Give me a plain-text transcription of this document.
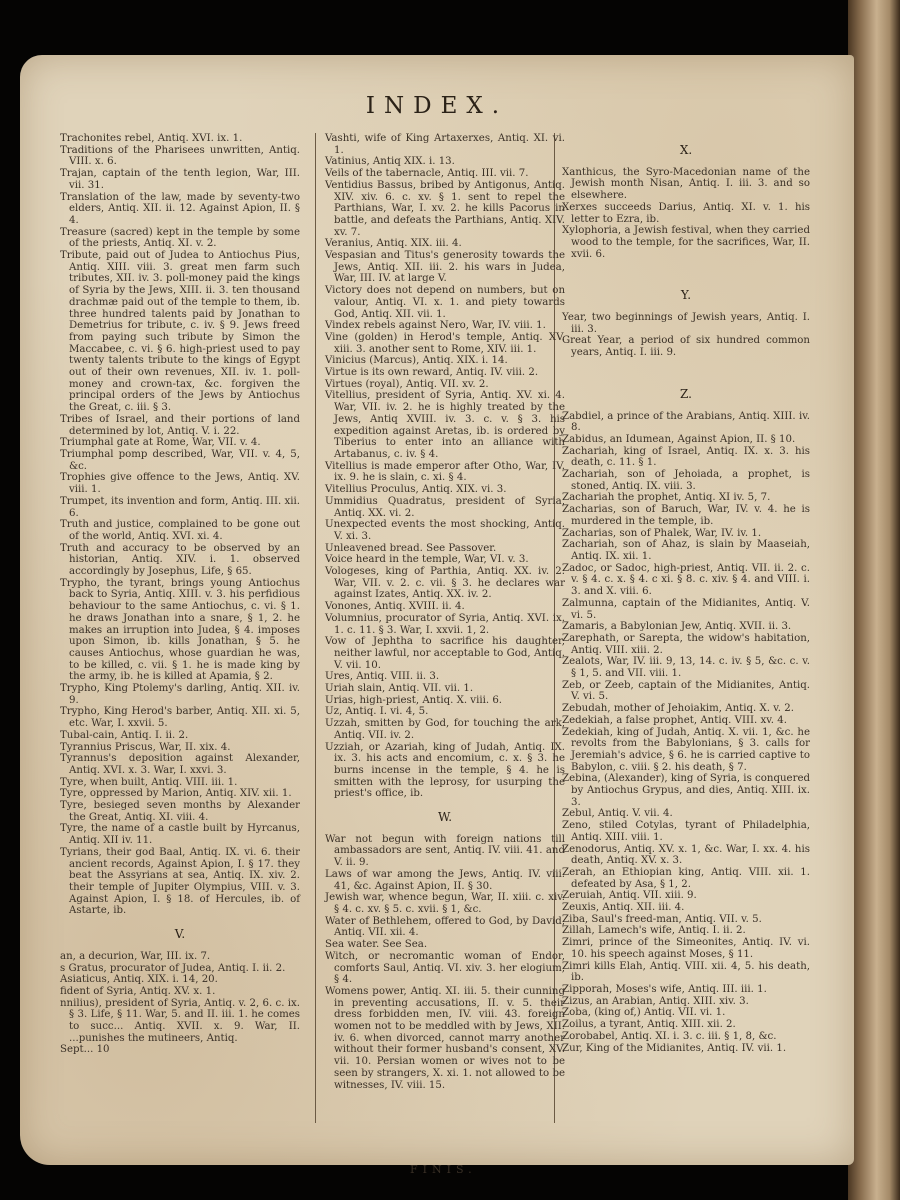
INDEX.
Trachonites rebel, Antiq. XVI. ix. 1.
Traditions of the Pharisees unwritten, Antiq. VIII. x. 6.
Trajan, captain of the tenth legion, War, III. vii. 31.
Translation of the law, made by seventy-two elders, Antiq. XII. ii. 12. Against Apion, II. § 4.
Treasure (sacred) kept in the temple by some of the priests, Antiq. XI. v. 2.
Tribute, paid out of Judea to Antiochus Pius, Antiq. XIII. viii. 3. great men farm such tributes, XII. iv. 3. poll-money paid the kings of Syria by the Jews, XIII. ii. 3. ten thousand drachmæ paid out of the temple to them, ib. three hundred talents paid by Jonathan to Demetrius for tribute, c. iv. § 9. Jews freed from paying such tribute by Simon the Maccabee, c. vi. § 6. high-priest used to pay twenty talents tribute to the kings of Egypt out of their own revenues, XII. iv. 1. poll-money and crown-tax, &c. forgiven the principal orders of the Jews by Antiochus the Great, c. iii. § 3.
Tribes of Israel, and their portions of land determined by lot, Antiq. V. i. 22.
Triumphal gate at Rome, War, VII. v. 4.
Triumphal pomp described, War, VII. v. 4, 5, &c.
Trophies give offence to the Jews, Antiq. XV. viii. 1.
Trumpet, its invention and form, Antiq. III. xii. 6.
Truth and justice, complained to be gone out of the world, Antiq. XVI. xi. 4.
Truth and accuracy to be observed by an historian, Antiq. XIV. i. 1. observed accordingly by Josephus, Life, § 65.
Trypho, the tyrant, brings young Antiochus back to Syria, Antiq. XIII. v. 3. his perfidious behaviour to the same Antiochus, c. vi. § 1. he draws Jonathan into a snare, § 1, 2. he makes an irruption into Judea, § 4. imposes upon Simon, ib. kills Jonathan, § 5. he causes Antiochus, whose guardian he was, to be killed, c. vii. § 1. he is made king by the army, ib. he is killed at Apamia, § 2.
Trypho, King Ptolemy's darling, Antiq. XII. iv. 9.
Trypho, King Herod's barber, Antiq. XII. xi. 5, etc. War, I. xxvii. 5.
Tubal-cain, Antiq. I. ii. 2.
Tyrannius Priscus, War, II. xix. 4.
Tyrannus's deposition against Alexander, Antiq. XVI. x. 3. War, I. xxvi. 3.
Tyre, when built, Antiq. VIII. iii. 1.
Tyre, oppressed by Marion, Antiq. XIV. xii. 1.
Tyre, besieged seven months by Alexander the Great, Antiq. XI. viii. 4.
Tyre, the name of a castle built by Hyrcanus, Antiq. XII iv. 11.
Tyrians, their god Baal, Antiq. IX. vi. 6. their ancient records, Against Apion, I. § 17. they beat the Assyrians at sea, Antiq. IX. xiv. 2. their temple of Jupiter Olympius, VIII. v. 3. Against Apion, I. § 18. of Hercules, ib. of Astarte, ib.
V.
an, a decurion, War, III. ix. 7.
s Gratus, procurator of Judea, Antiq. I. ii. 2.
Asiaticus, Antiq. XIX. i. 14, 20.
fident of Syria, Antiq. XV. x. 1.
nnilius), president of Syria, Antiq. v. 2, 6. c. ix. § 3. Life, § 11. War, 5. and II. iii. 1. he comes to succ... Antiq. XVII. x. 9. War, II. ...punishes the mutineers, Antiq.
Sept... 10
Vashti, wife of King Artaxerxes, Antiq. XI. vi. 1.
Vatinius, Antiq XIX. i. 13.
Veils of the tabernacle, Antiq. III. vii. 7.
Ventidius Bassus, bribed by Antigonus, Antiq. XIV. xiv. 6. c. xv. § 1. sent to repel the Parthians, War, I. xv. 2. he kills Pacorus in battle, and defeats the Parthians, Antiq. XIV. xv. 7.
Veranius, Antiq. XIX. iii. 4.
Vespasian and Titus's generosity towards the Jews, Antiq. XII. iii. 2. his wars in Judea, War, III. IV. at large V.
Victory does not depend on numbers, but on valour, Antiq. VI. x. 1. and piety towards God, Antiq. XII. vii. 1.
Vindex rebels against Nero, War, IV. viii. 1.
Vine (golden) in Herod's temple, Antiq. XV. xiii. 3. another sent to Rome, XIV. iii. 1.
Vinicius (Marcus), Antiq. XIX. i. 14.
Virtue is its own reward, Antiq. IV. viii. 2.
Virtues (royal), Antiq. VII. xv. 2.
Vitellius, president of Syria, Antiq. XV. xi. 4. War, VII. iv. 2. he is highly treated by the Jews, Antiq XVIII. iv. 3. c. v. § 3. his expedition against Aretas, ib. is ordered by Tiberius to enter into an alliance with Artabanus, c. iv. § 4.
Vitellius is made emperor after Otho, War, IV. ix. 9. he is slain, c. xi. § 4.
Vitellius Proculus, Antiq. XIX. vi. 3.
Ummidius Quadratus, president of Syria, Antiq. XX. vi. 2.
Unexpected events the most shocking, Antiq. V. xi. 3.
Unleavened bread. See Passover.
Voice heard in the temple, War, VI. v. 3.
Vologeses, king of Parthia, Antiq. XX. iv. 2. War, VII. v. 2. c. vii. § 3. he declares war against Izates, Antiq. XX. iv. 2.
Vonones, Antiq. XVIII. ii. 4.
Volumnius, procurator of Syria, Antiq. XVI. ix. 1. c. 11. § 3. War, I. xxvii. 1, 2.
Vow of Jephtha to sacrifice his daughter, neither lawful, nor acceptable to God, Antiq. V. vii. 10.
Ures, Antiq. VIII. ii. 3.
Uriah slain, Antiq. VII. vii. 1.
Urias, high-priest, Antiq. X. viii. 6.
Uz, Antiq. I. vi. 4, 5.
Uzzah, smitten by God, for touching the ark, Antiq. VII. iv. 2.
Uzziah, or Azariah, king of Judah, Antiq. IX. ix. 3. his acts and encomium, c. x. § 3. he burns incense in the temple, § 4. he is smitten with the leprosy, for usurping the priest's office, ib.
W.
War not begun with foreign nations till ambassadors are sent, Antiq. IV. viii. 41. and V. ii. 9.
Laws of war among the Jews, Antiq. IV. viii. 41, &c. Against Apion, II. § 30.
Jewish war, whence begun, War, II. xiii. c. xiv. § 4. c. xv. § 5. c. xvii. § 1, &c.
Water of Bethlehem, offered to God, by David, Antiq. VII. xii. 4.
Sea water. See Sea.
Witch, or necromantic woman of Endor, comforts Saul, Antiq. VI. xiv. 3. her elogium, § 4.
Womens power, Antiq. XI. iii. 5. their cunning in preventing accusations, II. v. 5. their dress forbidden men, IV. viii. 43. foreign women not to be meddled with by Jews, XII. iv. 6. when divorced, cannot marry another without their former husband's consent, XV. vii. 10. Persian women or wives not to be seen by strangers, X. xi. 1. not allowed to be witnesses, IV. viii. 15.
X.
Xanthicus, the Syro-Macedonian name of the Jewish month Nisan, Antiq. I. iii. 3. and so elsewhere.
Xerxes succeeds Darius, Antiq. XI. v. 1. his letter to Ezra, ib.
Xylophoria, a Jewish festival, when they carried wood to the temple, for the sacrifices, War, II. xvii. 6.
Y.
Year, two beginnings of Jewish years, Antiq. I. iii. 3.
Great Year, a period of six hundred common years, Antiq. I. iii. 9.
Z.
Zabdiel, a prince of the Arabians, Antiq. XIII. iv. 8.
Zabidus, an Idumean, Against Apion, II. § 10.
Zachariah, king of Israel, Antiq. IX. x. 3. his death, c. 11. § 1.
Zachariah, son of Jehoiada, a prophet, is stoned, Antiq. IX. viii. 3.
Zachariah the prophet, Antiq. XI iv. 5, 7.
Zacharias, son of Baruch, War, IV. v. 4. he is murdered in the temple, ib.
Zacharias, son of Phalek, War, IV. iv. 1.
Zachariah, son of Ahaz, is slain by Maaseiah, Antiq. IX. xii. 1.
Zadoc, or Sadoc, high-priest, Antiq. VII. ii. 2. c. v. § 4. c. x. § 4. c xi. § 8. c. xiv. § 4. and VIII. i. 3. and X. viii. 6.
Zalmunna, captain of the Midianites, Antiq. V. vi. 5.
Zamaris, a Babylonian Jew, Antiq. XVII. ii. 3.
Zarephath, or Sarepta, the widow's habitation, Antiq. VIII. xiii. 2.
Zealots, War, IV. iii. 9, 13, 14. c. iv. § 5, &c. c. v. § 1, 5. and VII. viii. 1.
Zeb, or Zeeb, captain of the Midianites, Antiq. V. vi. 5.
Zebudah, mother of Jehoiakim, Antiq. X. v. 2.
Zedekiah, a false prophet, Antiq. VIII. xv. 4.
Zedekiah, king of Judah, Antiq. X. vii. 1, &c. he revolts from the Babylonians, § 3. calls for Jeremiah's advice, § 6. he is carried captive to Babylon, c. viii. § 2. his death, § 7.
Zebina, (Alexander), king of Syria, is conquered by Antiochus Grypus, and dies, Antiq. XIII. ix. 3.
Zebul, Antiq. V. vii. 4.
Zeno, stiled Cotylas, tyrant of Philadelphia, Antiq. XIII. viii. 1.
Zenodorus, Antiq. XV. x. 1, &c. War, I. xx. 4. his death, Antiq. XV. x. 3.
Zerah, an Ethiopian king, Antiq. VIII. xii. 1. defeated by Asa, § 1, 2.
Zeruiah, Antiq. VII. xiii. 9.
Zeuxis, Antiq. XII. iii. 4.
Ziba, Saul's freed-man, Antiq. VII. v. 5.
Zillah, Lamech's wife, Antiq. I. ii. 2.
Zimri, prince of the Simeonites, Antiq. IV. vi. 10. his speech against Moses, § 11.
Zimri kills Elah, Antiq. VIII. xii. 4, 5. his death, ib.
Zipporah, Moses's wife, Antiq. III. iii. 1.
Zizus, an Arabian, Antiq. XIII. xiv. 3.
Zoba, (king of,) Antiq. VII. vi. 1.
Zoilus, a tyrant, Antiq. XIII. xii. 2.
Zorobabel, Antiq. XI. i. 3. c. iii. § 1, 8, &c.
Zur, King of the Midianites, Antiq. IV. vii. 1.
FINIS.
